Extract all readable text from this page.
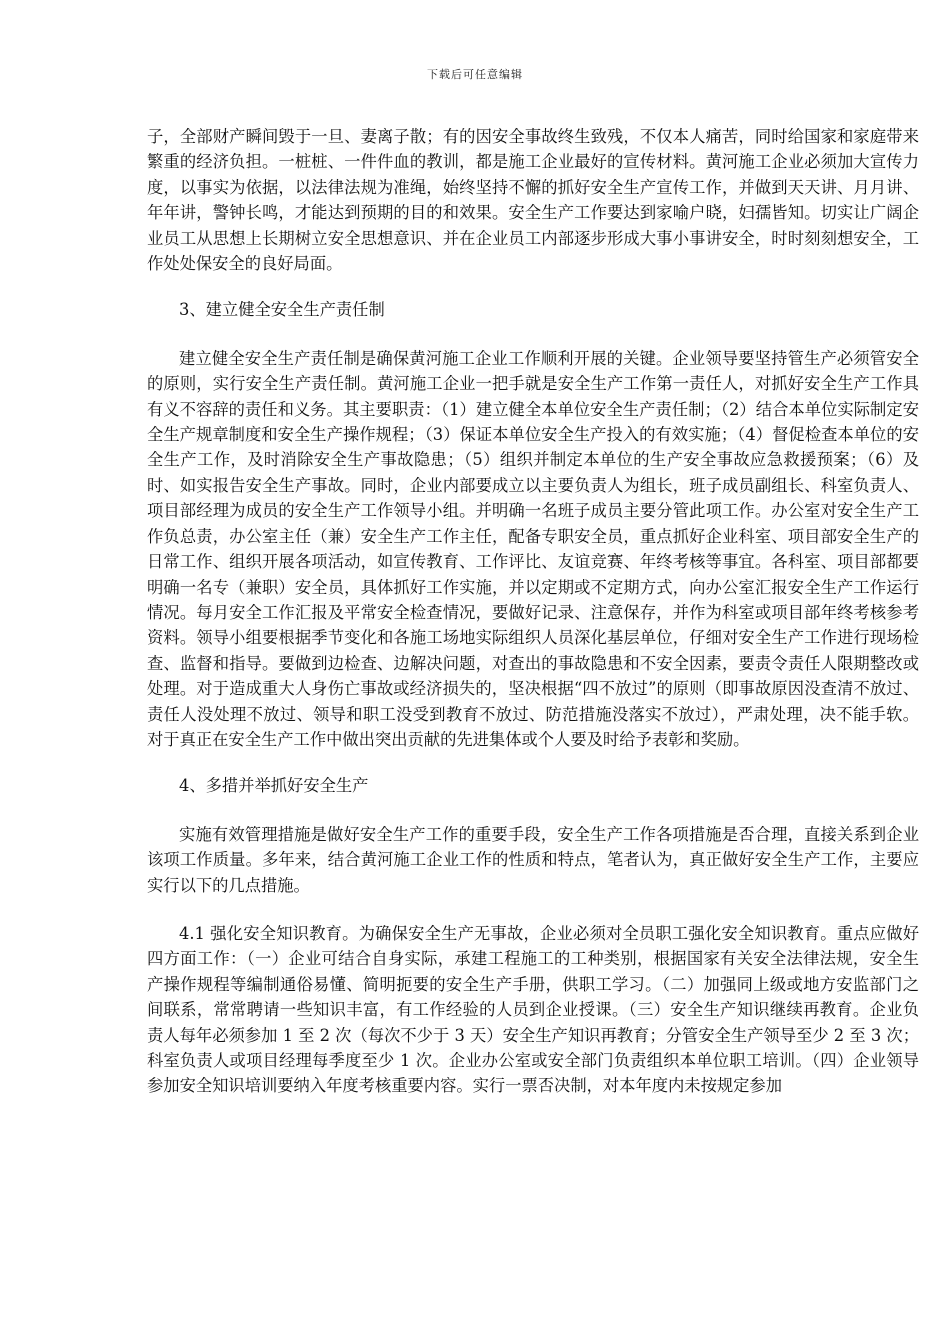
下载后可任意编辑

子，全部财产瞬间毁于一旦、妻离子散；有的因安全事故终生致残，不仅本人痛苦，同时给国家和家庭带来繁重的经济负担。一桩桩、一件件血的教训，都是施工企业最好的宣传材料。黄河施工企业必须加大宣传力度，以事实为依据，以法律法规为准绳，始终坚持不懈的抓好安全生产宣传工作，并做到天天讲、月月讲、年年讲，警钟长鸣，才能达到预期的目的和效果。安全生产工作要达到家喻户晓，妇孺皆知。切实让广阔企业员工从思想上长期树立安全思想意识、并在企业员工内部逐步形成大事小事讲安全，时时刻刻想安全，工作处处保安全的良好局面。

3、建立健全安全生产责任制

建立健全安全生产责任制是确保黄河施工企业工作顺利开展的关键。企业领导要坚持管生产必须管安全的原则，实行安全生产责任制。黄河施工企业一把手就是安全生产工作第一责任人，对抓好安全生产工作具有义不容辞的责任和义务。其主要职责：（1）建立健全本单位安全生产责任制；（2）结合本单位实际制定安全生产规章制度和安全生产操作规程；（3）保证本单位安全生产投入的有效实施；（4）督促检查本单位的安全生产工作，及时消除安全生产事故隐患；（5）组织并制定本单位的生产安全事故应急救援预案；（6）及时、如实报告安全生产事故。同时，企业内部要成立以主要负责人为组长，班子成员副组长、科室负责人、项目部经理为成员的安全生产工作领导小组。并明确一名班子成员主要分管此项工作。办公室对安全生产工作负总责，办公室主任（兼）安全生产工作主任，配备专职安全员，重点抓好企业科室、项目部安全生产的日常工作、组织开展各项活动，如宣传教育、工作评比、友谊竞赛、年终考核等事宜。各科室、项目部都要明确一名专（兼职）安全员，具体抓好工作实施，并以定期或不定期方式，向办公室汇报安全生产工作运行情况。每月安全工作汇报及平常安全检查情况，要做好记录、注意保存，并作为科室或项目部年终考核参考资料。领导小组要根据季节变化和各施工场地实际组织人员深化基层单位，仔细对安全生产工作进行现场检查、监督和指导。要做到边检查、边解决问题，对查出的事故隐患和不安全因素，要责令责任人限期整改或处理。对于造成重大人身伤亡事故或经济损失的，坚决根据“四不放过”的原则（即事故原因没查清不放过、责任人没处理不放过、领导和职工没受到教育不放过、防范措施没落实不放过），严肃处理，决不能手软。对于真正在安全生产工作中做出突出贡献的先进集体或个人要及时给予表彰和奖励。

4、多措并举抓好安全生产

实施有效管理措施是做好安全生产工作的重要手段，安全生产工作各项措施是否合理，直接关系到企业该项工作质量。多年来，结合黄河施工企业工作的性质和特点，笔者认为，真正做好安全生产工作，主要应实行以下的几点措施。

4.1 强化安全知识教育。为确保安全生产无事故，企业必须对全员职工强化安全知识教育。重点应做好四方面工作：（一）企业可结合自身实际，承建工程施工的工种类别，根据国家有关安全法律法规，安全生产操作规程等编制通俗易懂、简明扼要的安全生产手册，供职工学习。（二）加强同上级或地方安监部门之间联系，常常聘请一些知识丰富，有工作经验的人员到企业授课。（三）安全生产知识继续再教育。企业负责人每年必须参加 1 至 2 次（每次不少于 3 天）安全生产知识再教育；分管安全生产领导至少 2 至 3 次；科室负责人或项目经理每季度至少 1 次。企业办公室或安全部门负责组织本单位职工培训。（四）企业领导参加安全知识培训要纳入年度考核重要内容。实行一票否决制，对本年度内未按规定参加
